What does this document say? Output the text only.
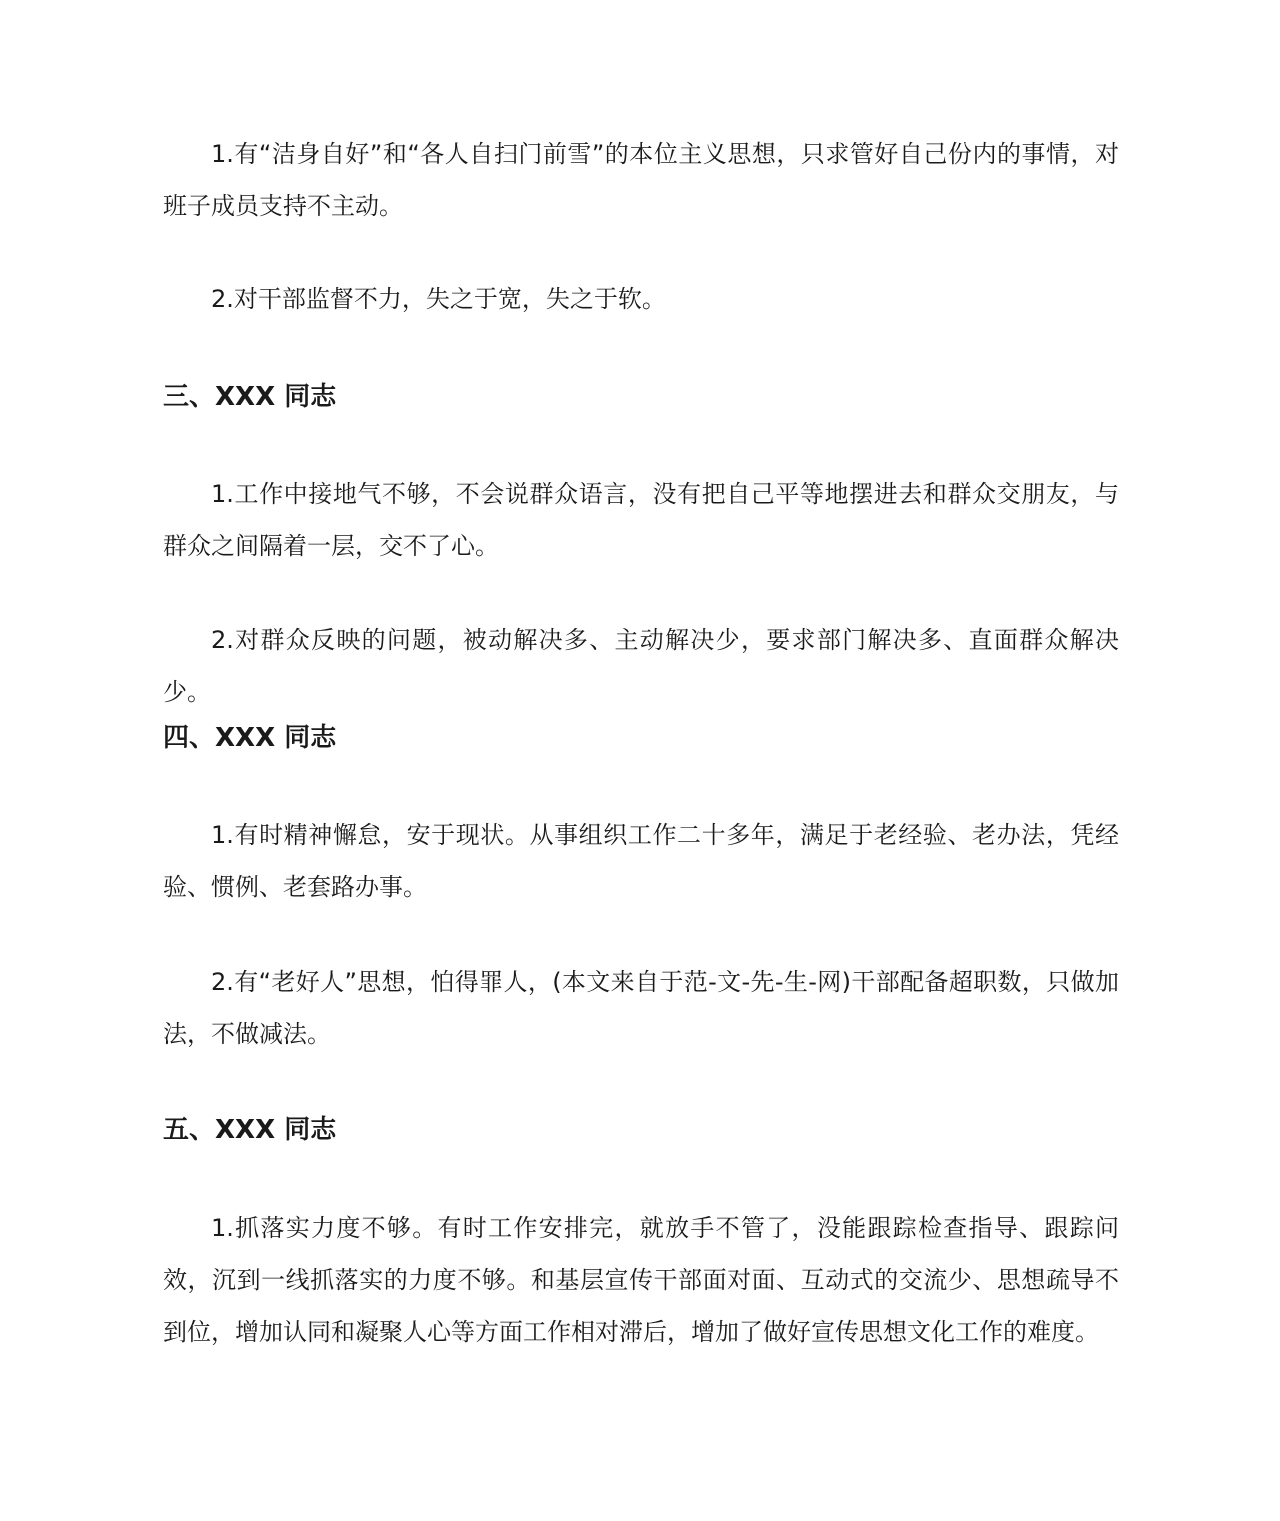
1.有“洁身自好”和“各人自扫门前雪”的本位主义思想，只求管好自己份内的事情，对班子成员支持不主动。

2.对干部监督不力，失之于宽，失之于软。

三、XXX 同志

1.工作中接地气不够，不会说群众语言，没有把自己平等地摆进去和群众交朋友，与群众之间隔着一层，交不了心。

2.对群众反映的问题，被动解决多、主动解决少，要求部门解决多、直面群众解决少。

四、XXX 同志

1.有时精神懈怠，安于现状。从事组织工作二十多年，满足于老经验、老办法，凭经验、惯例、老套路办事。

2.有“老好人”思想，怕得罪人，(本文来自于范-文-先-生-网)干部配备超职数，只做加法，不做减法。

五、XXX 同志

1.抓落实力度不够。有时工作安排完，就放手不管了，没能跟踪检查指导、跟踪问效，沉到一线抓落实的力度不够。和基层宣传干部面对面、互动式的交流少、思想疏导不到位，增加认同和凝聚人心等方面工作相对滞后，增加了做好宣传思想文化工作的难度。
